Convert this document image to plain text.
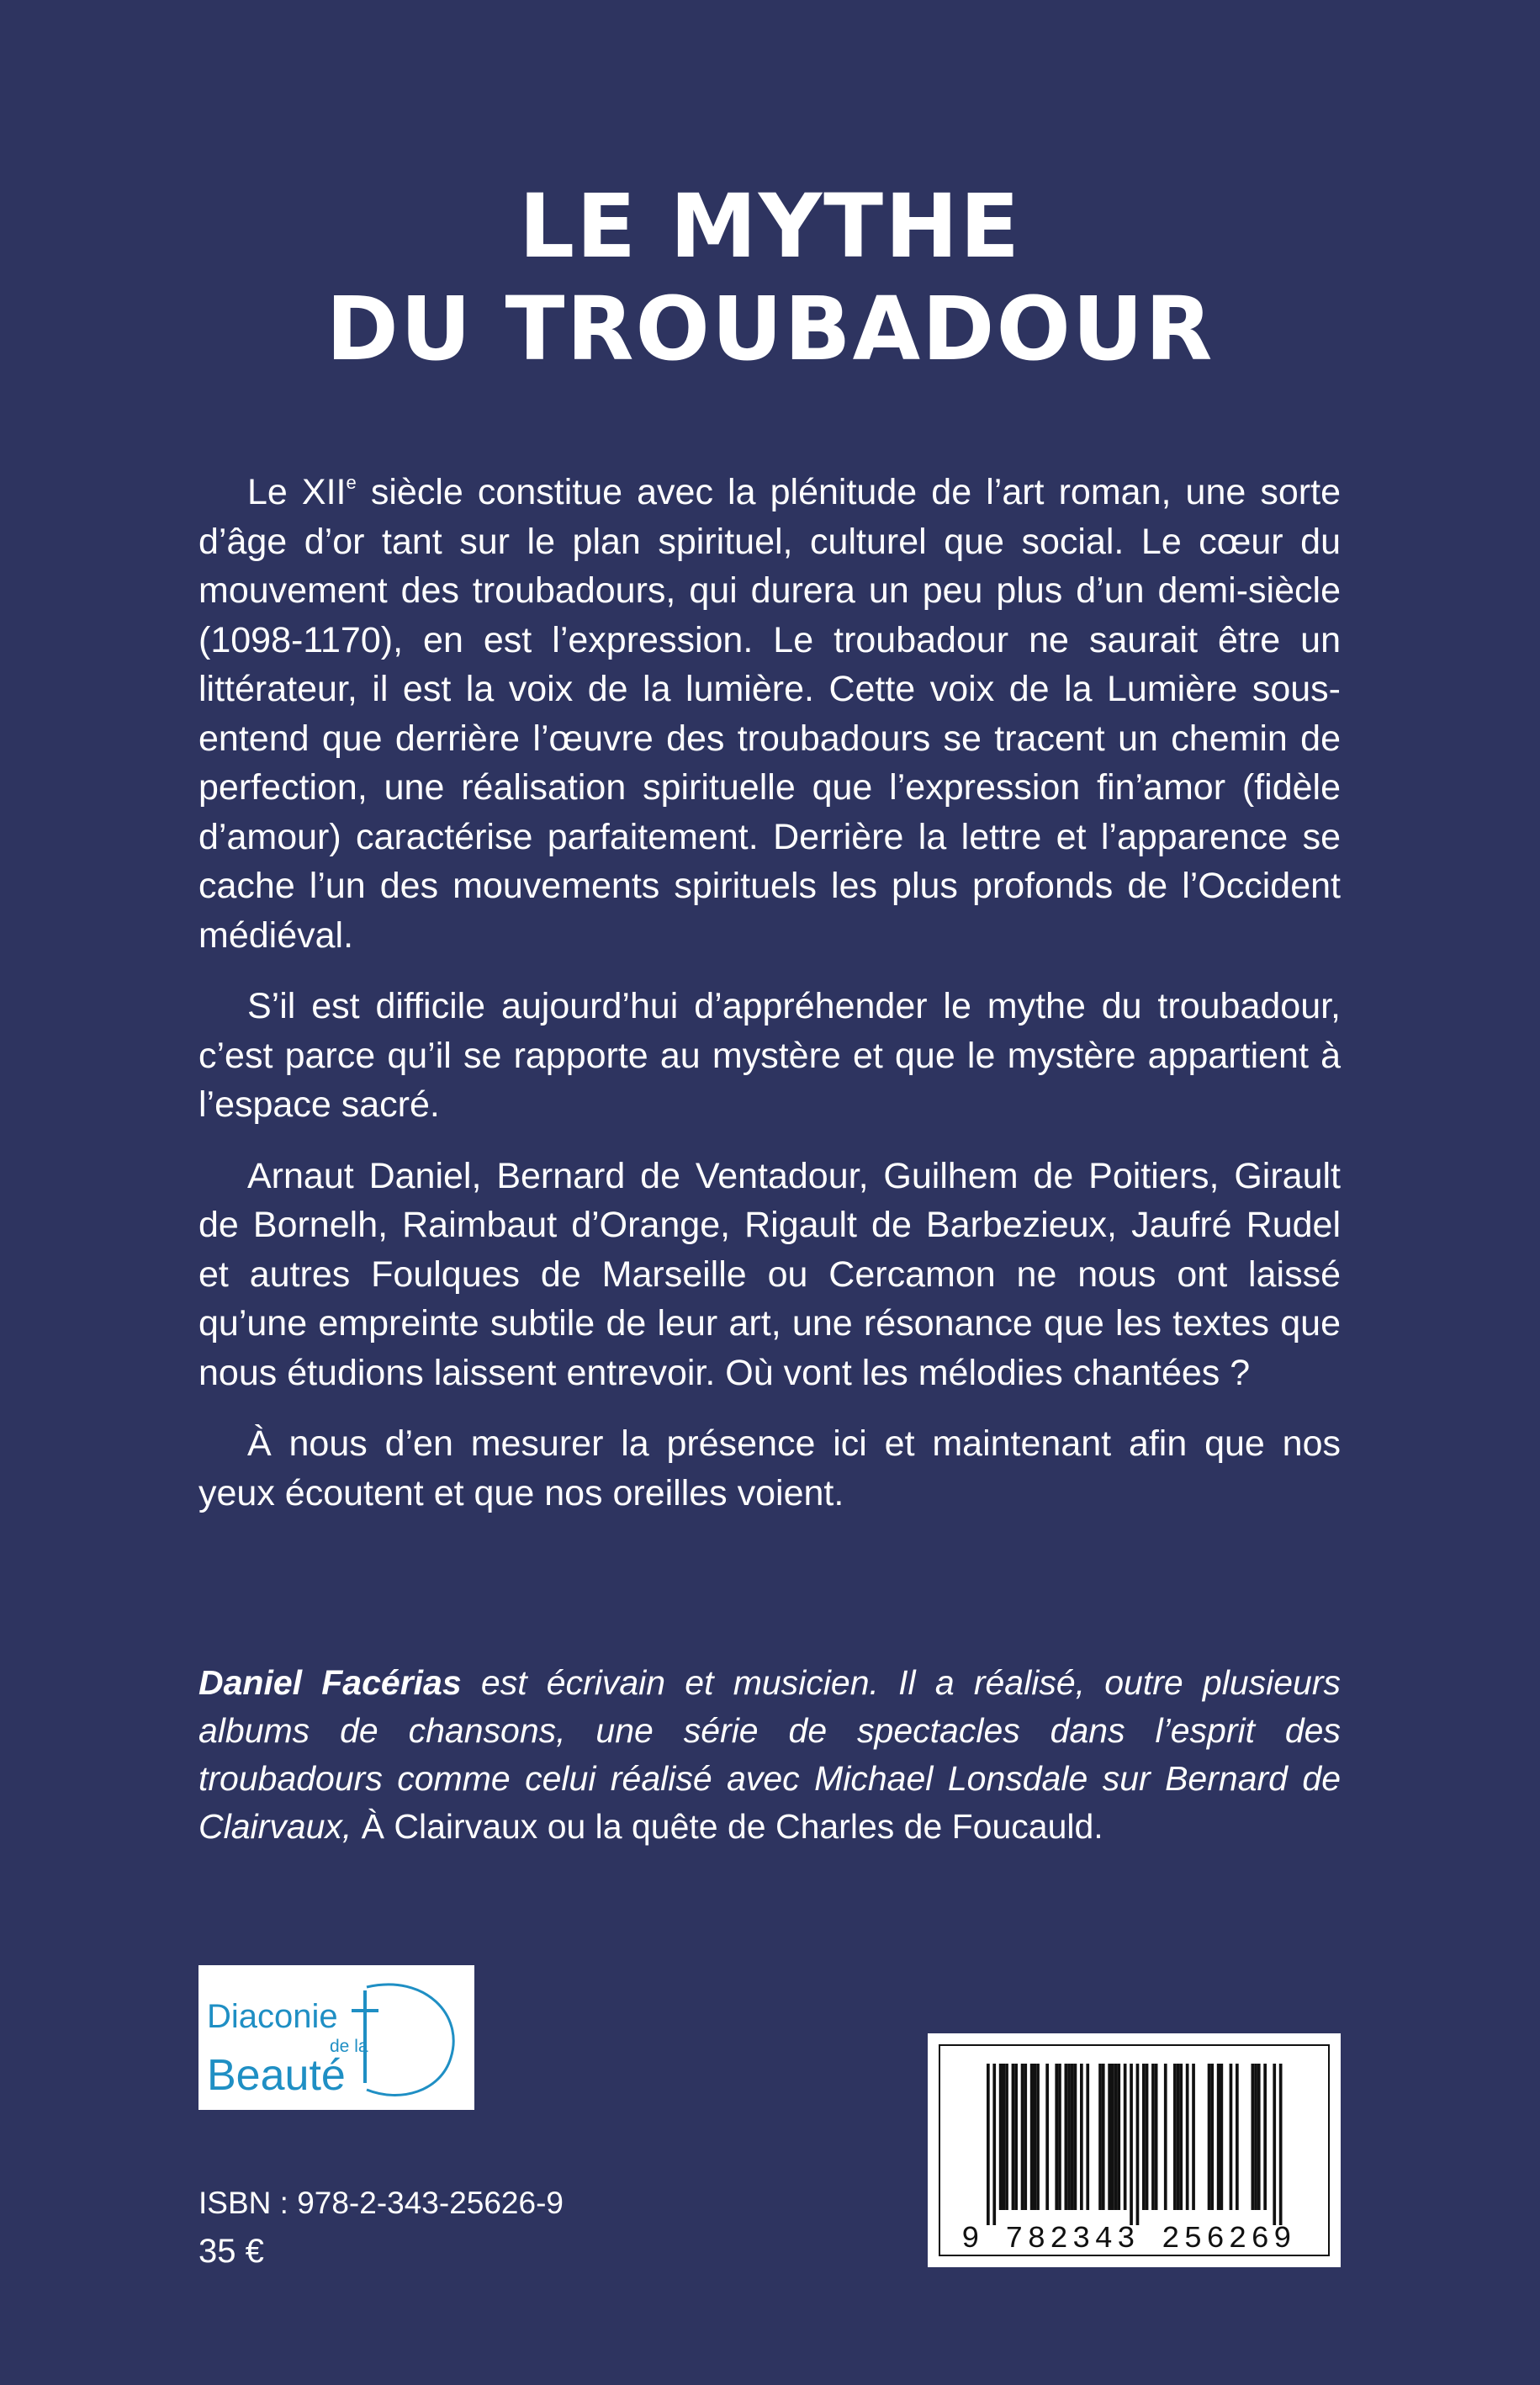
LE MYTHE
DU TROUBADOUR

Le XIIe siècle constitue avec la plénitude de l’art roman, une sorte d’âge d’or tant sur le plan spirituel, culturel que social. Le cœur du mouvement des troubadours, qui durera un peu plus d’un demi-siècle (1098-1170), en est l’expression. Le troubadour ne saurait être un littérateur, il est la voix de la lumière. Cette voix de la Lumière sous-entend que derrière l’œuvre des troubadours se tracent un chemin de perfection, une réalisation spirituelle que l’expression fin’amor (fidèle d’amour) caractérise parfaitement. Derrière la lettre et l’apparence se cache l’un des mouvements spirituels les plus profonds de l’Occident médiéval.

S’il est difficile aujourd’hui d’appréhender le mythe du troubadour, c’est parce qu’il se rapporte au mystère et que le mystère appartient à l’espace sacré.

Arnaut Daniel, Bernard de Ventadour, Guilhem de Poitiers, Girault de Bornelh, Raimbaut d’Orange, Rigault de Barbezieux, Jaufré Rudel et autres Foulques de Marseille ou Cercamon ne nous ont laissé qu’une empreinte subtile de leur art, une résonance que les textes que nous étudions laissent entrevoir. Où vont les mélodies chantées ?

À nous d’en mesurer la présence ici et maintenant afin que nos yeux écoutent et que nos oreilles voient.

Daniel Facérias est écrivain et musicien. Il a réalisé, outre plusieurs albums de chansons, une série de spectacles dans l’esprit des troubadours comme celui réalisé avec Michael Lonsdale sur Bernard de Clairvaux, À Clairvaux ou la quête de Charles de Foucauld.
Diaconie
de la
Beauté
ISBN : 978-2-343-25626-9
35 €	9 782343 256269
